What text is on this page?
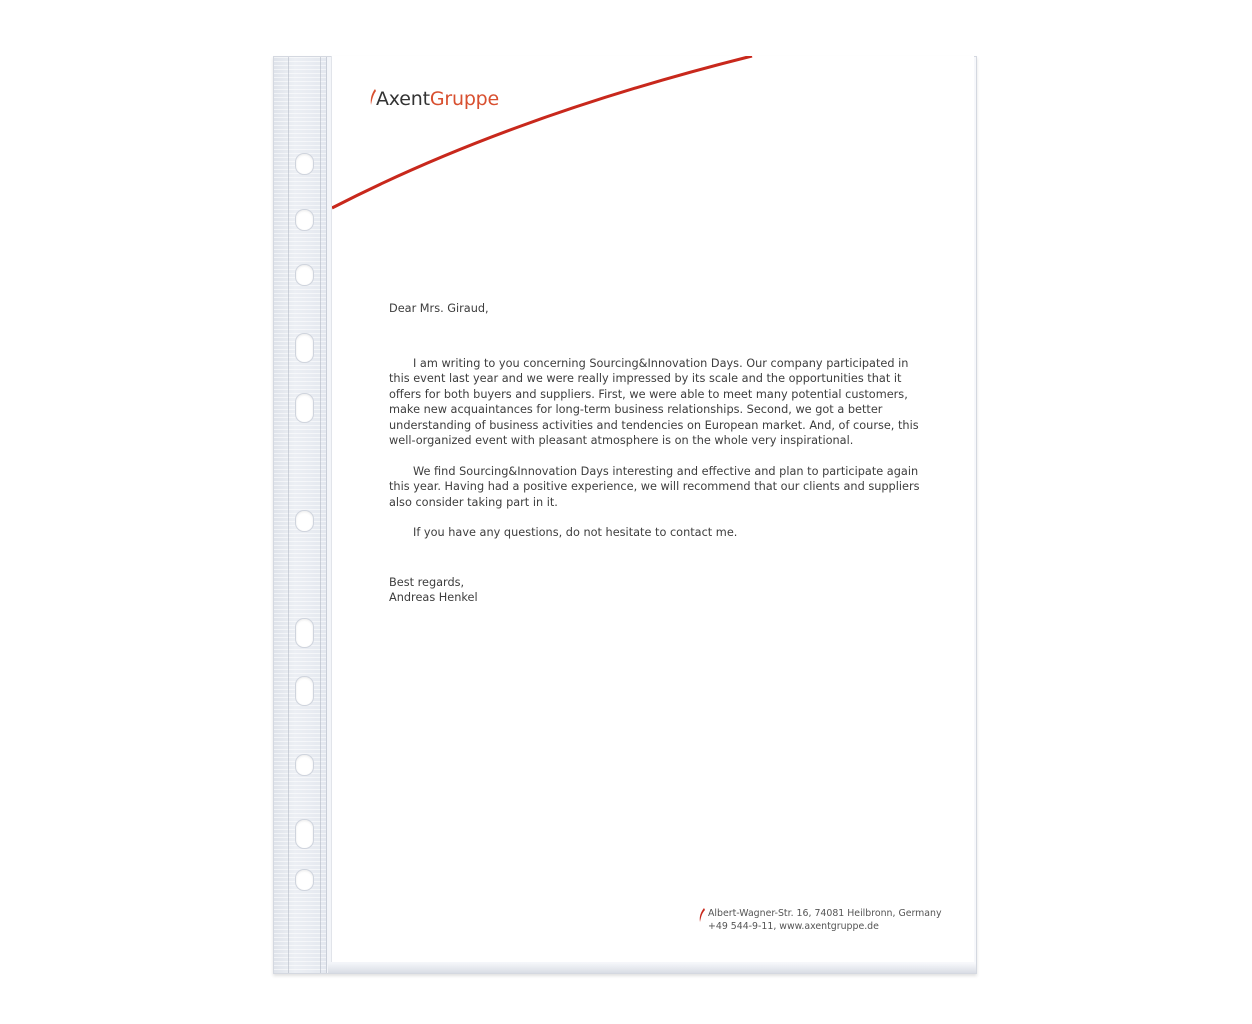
AxentGruppe

Dear Mrs. Giraud,

I am writing to you concerning Sourcing&Innovation Days. Our company participated in this event last year and we were really impressed by its scale and the opportunities that it offers for both buyers and suppliers. First, we were able to meet many potential customers, make new acquaintances for long-term business relationships. Second, we got a better understanding of business activities and tendencies on European market. And, of course, this well-organized event with pleasant atmosphere is on the whole very inspirational.

We find Sourcing&Innovation Days interesting and effective and plan to participate again this year. Having had a positive experience, we will recommend that our clients and suppliers also consider taking part in it.

If you have any questions, do not hesitate to contact me.

Best regards,

Andreas Henkel

Albert-Wagner-Str. 16, 74081 Heilbronn, Germany
+49 544-9-11, www.axentgruppe.de
